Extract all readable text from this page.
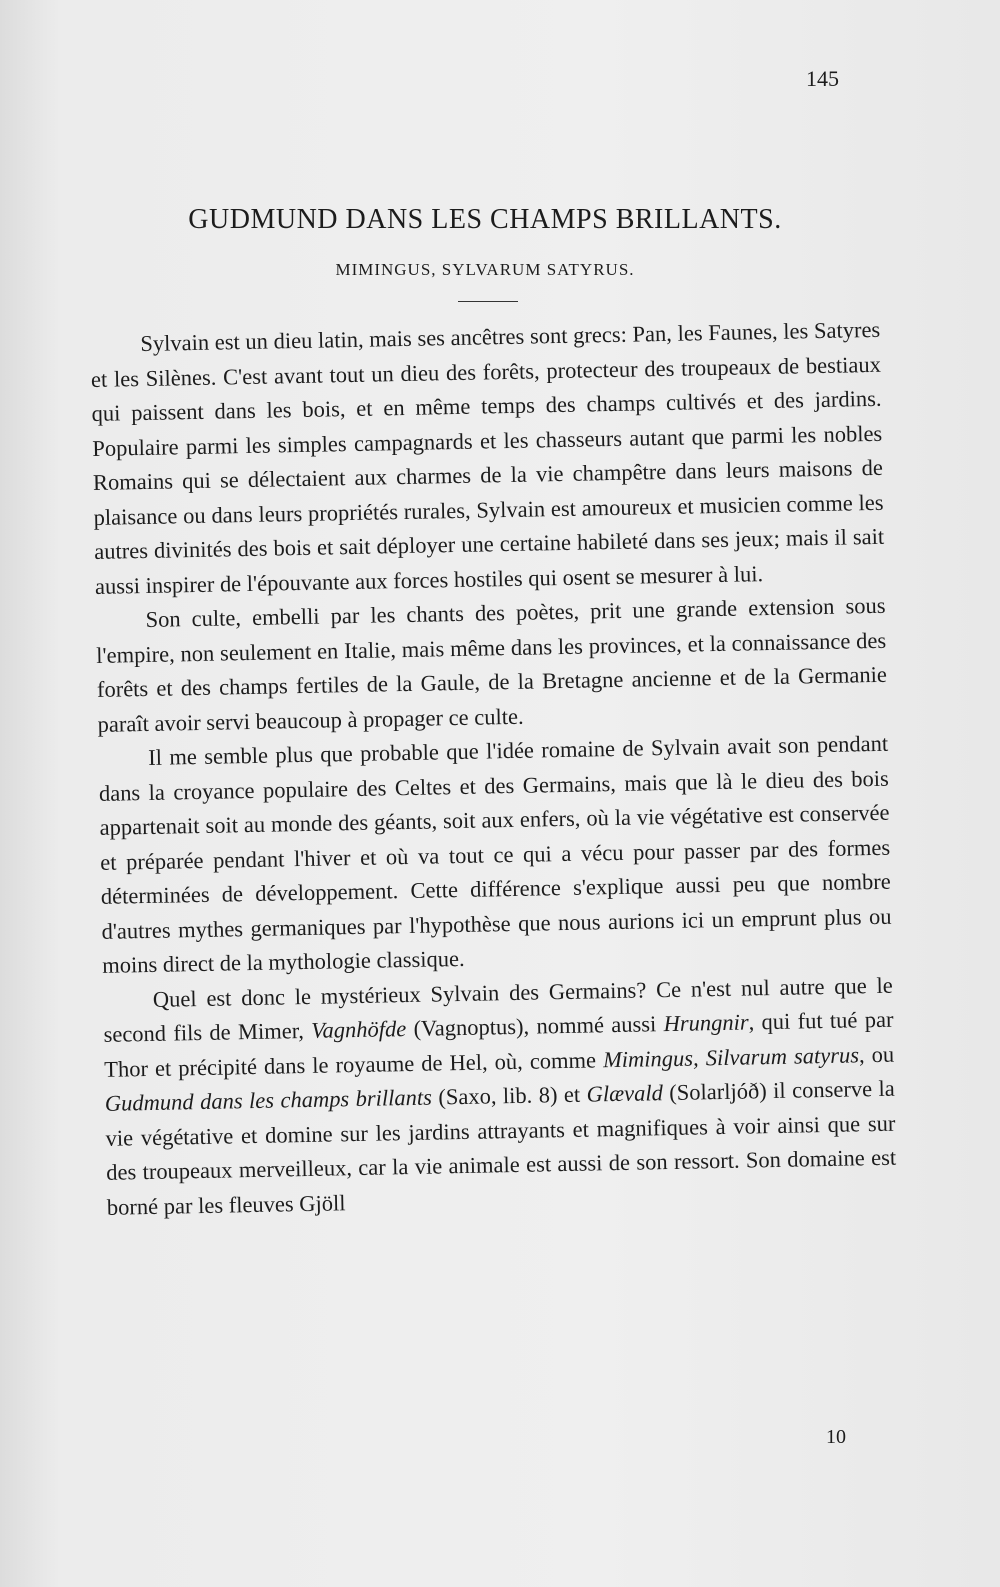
145
GUDMUND DANS LES CHAMPS BRILLANTS.
MIMINGUS, SYLVARUM SATYRUS.

Sylvain est un dieu latin, mais ses ancêtres sont grecs: Pan, les Faunes, les Satyres et les Silènes. C'est avant tout un dieu des forêts, protecteur des troupeaux de bestiaux qui paissent dans les bois, et en même temps des champs cultivés et des jardins. Populaire parmi les simples campagnards et les chasseurs autant que parmi les nobles Romains qui se délectaient aux charmes de la vie champêtre dans leurs maisons de plaisance ou dans leurs propriétés rurales, Sylvain est amoureux et musicien comme les autres divinités des bois et sait déployer une certaine habileté dans ses jeux; mais il sait aussi inspirer de l'épouvante aux forces hostiles qui osent se mesurer à lui.

Son culte, embelli par les chants des poètes, prit une grande extension sous l'empire, non seulement en Italie, mais même dans les provinces, et la connaissance des forêts et des champs fertiles de la Gaule, de la Bretagne ancienne et de la Germanie paraît avoir servi beaucoup à propager ce culte.

Il me semble plus que probable que l'idée romaine de Sylvain avait son pendant dans la croyance populaire des Celtes et des Germains, mais que là le dieu des bois appartenait soit au monde des géants, soit aux enfers, où la vie végétative est conservée et préparée pendant l'hiver et où va tout ce qui a vécu pour passer par des formes déterminées de développement. Cette différence s'explique aussi peu que nombre d'autres mythes germaniques par l'hypothèse que nous aurions ici un emprunt plus ou moins direct de la mythologie classique.

Quel est donc le mystérieux Sylvain des Germains? Ce n'est nul autre que le second fils de Mimer, Vagnhöfde (Vagnoptus), nommé aussi Hrungnir, qui fut tué par Thor et précipité dans le royaume de Hel, où, comme Mimingus, Silvarum satyrus, ou Gudmund dans les champs brillants (Saxo, lib. 8) et Glævald (Solarljóð) il conserve la vie végétative et domine sur les jardins attrayants et magnifiques à voir ainsi que sur des troupeaux merveilleux, car la vie animale est aussi de son ressort. Son domaine est borné par les fleuves Gjöll

10
